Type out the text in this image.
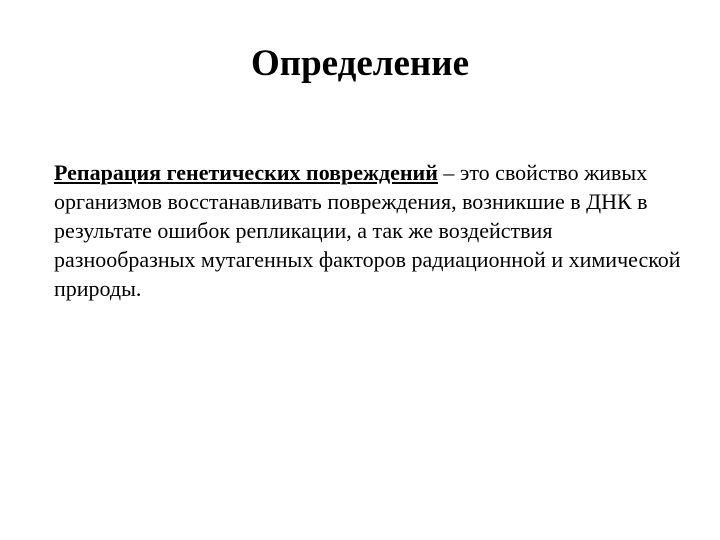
Определение

Репарация генетических повреждений – это свойство живых организмов восстанавливать повреждения, возникшие в ДНК в результате ошибок репликации, а так же воздействия разнообразных мутагенных факторов радиационной и химической природы.
